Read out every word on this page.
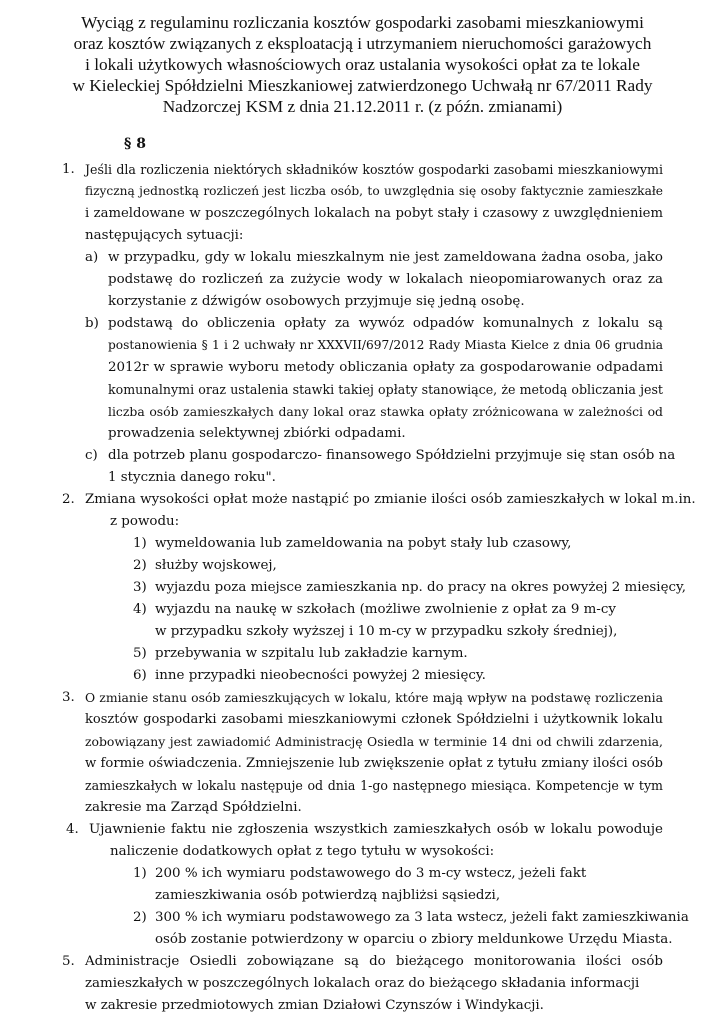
Wyciąg z regulaminu rozliczania kosztów gospodarki zasobami mieszkaniowymi
oraz kosztów związanych z eksploatacją i utrzymaniem nieruchomości garażowych
i lokali użytkowych własnościowych oraz ustalania wysokości opłat za te lokale
w Kieleckiej Spółdzielni Mieszkaniowej zatwierdzonego Uchwałą nr 67/2011 Rady
Nadzorczej KSM z dnia 21.12.2011 r. (z późn. zmianami)
§ 8
1. Jeśli dla rozliczenia niektórych składników kosztów gospodarki zasobami mieszkaniowymi
fizyczną jednostką rozliczeń jest liczba osób, to uwzględnia się osoby faktycznie zamieszkałe
i zameldowane w poszczególnych lokalach na pobyt stały i czasowy z uwzględnieniem
następujących sytuacji:
a) w przypadku, gdy w lokalu mieszkalnym nie jest zameldowana żadna osoba, jako
podstawę do rozliczeń za zużycie wody w lokalach nieopomiarowanych oraz za
korzystanie z dźwigów osobowych przyjmuje się jedną osobę.
b) podstawą do obliczenia opłaty za wywóz odpadów komunalnych z lokalu są
postanowienia § 1 i 2 uchwały nr XXXVII/697/2012 Rady Miasta Kielce z dnia 06 grudnia
2012r w sprawie wyboru metody obliczania opłaty za gospodarowanie odpadami
komunalnymi oraz ustalenia stawki takiej opłaty stanowiące, że metodą obliczania jest
liczba osób zamieszkałych dany lokal oraz stawka opłaty zróżnicowana w zależności od
prowadzenia selektywnej zbiórki odpadami.
c) dla potrzeb planu gospodarczo- finansowego Spółdzielni przyjmuje się stan osób na
1 stycznia danego roku".
2. Zmiana wysokości opłat może nastąpić po zmianie ilości osób zamieszkałych w lokal m.in.
z powodu:
1) wymeldowania lub zameldowania na pobyt stały lub czasowy,
2) służby wojskowej,
3) wyjazdu poza miejsce zamieszkania np. do pracy na okres powyżej 2 miesięcy,
4) wyjazdu na naukę w szkołach (możliwe zwolnienie z opłat za 9 m-cy
w przypadku szkoły wyższej i 10 m-cy w przypadku szkoły średniej),
5) przebywania w szpitalu lub zakładzie karnym.
6) inne przypadki nieobecności powyżej 2 miesięcy.
3. O zmianie stanu osób zamieszkujących w lokalu, które mają wpływ na podstawę rozliczenia
kosztów gospodarki zasobami mieszkaniowymi członek Spółdzielni i użytkownik lokalu
zobowiązany jest zawiadomić Administrację Osiedla w terminie 14 dni od chwili zdarzenia,
w formie oświadczenia. Zmniejszenie lub zwiększenie opłat z tytułu zmiany ilości osób
zamieszkałych w lokalu następuje od dnia 1-go następnego miesiąca. Kompetencje w tym
zakresie ma Zarząd Spółdzielni.
4. Ujawnienie faktu nie zgłoszenia wszystkich zamieszkałych osób w lokalu powoduje
naliczenie dodatkowych opłat z tego tytułu w wysokości:
1) 200 % ich wymiaru podstawowego do 3 m-cy wstecz, jeżeli fakt
zamieszkiwania osób potwierdzą najbliżsi sąsiedzi,
2) 300 % ich wymiaru podstawowego za 3 lata wstecz, jeżeli fakt zamieszkiwania
osób zostanie potwierdzony w oparciu o zbiory meldunkowe Urzędu Miasta.
5. Administracje Osiedli zobowiązane są do bieżącego monitorowania ilości osób
zamieszkałych w poszczególnych lokalach oraz do bieżącego składania informacji
w zakresie przedmiotowych zmian Działowi Czynszów i Windykacji.
